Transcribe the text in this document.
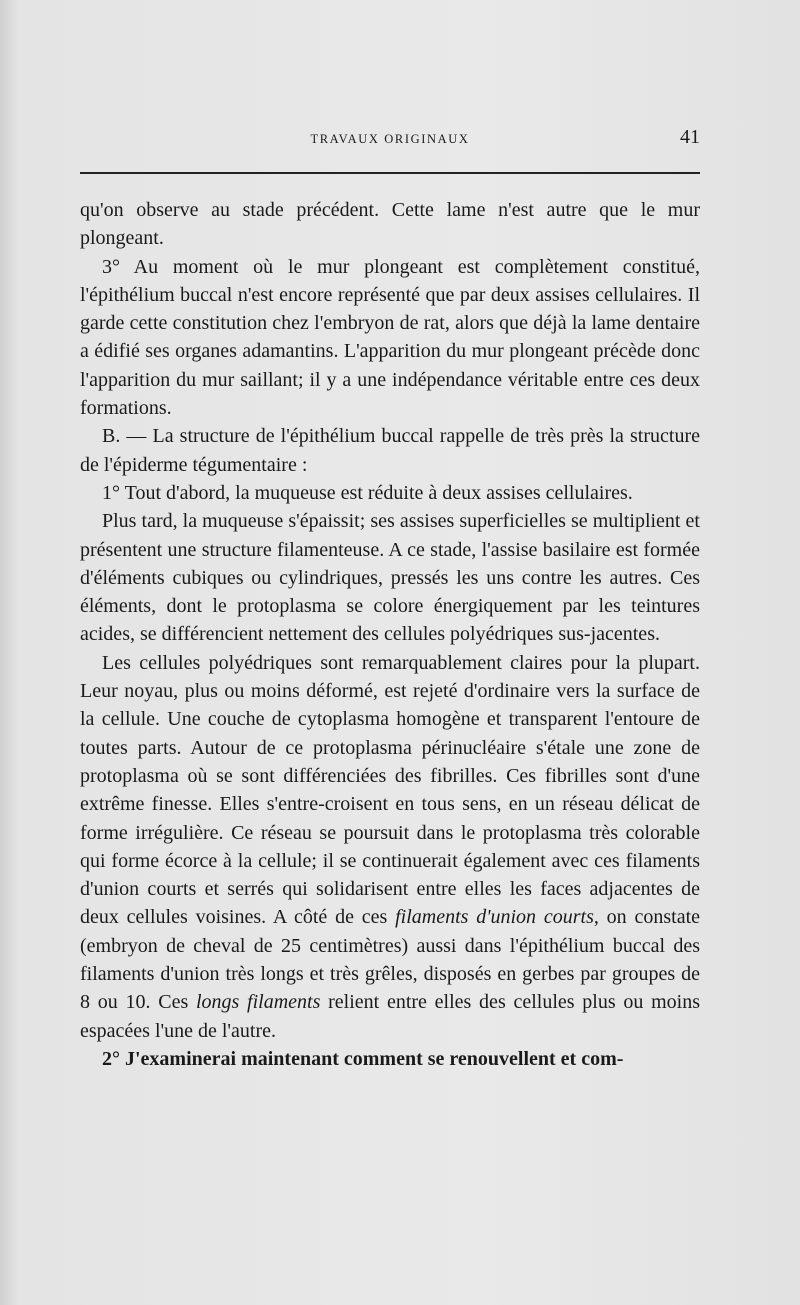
TRAVAUX ORIGINAUX	41

qu'on observe au stade précédent. Cette lame n'est autre que le mur plongeant.

3° Au moment où le mur plongeant est complètement constitué, l'épithélium buccal n'est encore représenté que par deux assises cellulaires. Il garde cette constitution chez l'embryon de rat, alors que déjà la lame dentaire a édifié ses organes adamantins. L'apparition du mur plongeant précède donc l'apparition du mur saillant; il y a une indépendance véritable entre ces deux formations.

B. — La structure de l'épithélium buccal rappelle de très près la structure de l'épiderme tégumentaire :

1° Tout d'abord, la muqueuse est réduite à deux assises cellulaires.

Plus tard, la muqueuse s'épaissit; ses assises superficielles se multiplient et présentent une structure filamenteuse. A ce stade, l'assise basilaire est formée d'éléments cubiques ou cylindriques, pressés les uns contre les autres. Ces éléments, dont le protoplasma se colore énergiquement par les teintures acides, se différencient nettement des cellules polyédriques sus-jacentes.

Les cellules polyédriques sont remarquablement claires pour la plupart. Leur noyau, plus ou moins déformé, est rejeté d'ordinaire vers la surface de la cellule. Une couche de cytoplasma homogène et transparent l'entoure de toutes parts. Autour de ce protoplasma périnucléaire s'étale une zone de protoplasma où se sont différenciées des fibrilles. Ces fibrilles sont d'une extrême finesse. Elles s'entre-croisent en tous sens, en un réseau délicat de forme irrégulière. Ce réseau se poursuit dans le protoplasma très colorable qui forme écorce à la cellule; il se continuerait également avec ces filaments d'union courts et serrés qui solidarisent entre elles les faces adjacentes de deux cellules voisines. A côté de ces filaments d'union courts, on constate (embryon de cheval de 25 centimètres) aussi dans l'épithélium buccal des filaments d'union très longs et très grêles, disposés en gerbes par groupes de 8 ou 10. Ces longs filaments relient entre elles des cellules plus ou moins espacées l'une de l'autre.

2° J'examinerai maintenant comment se renouvellent et com-
